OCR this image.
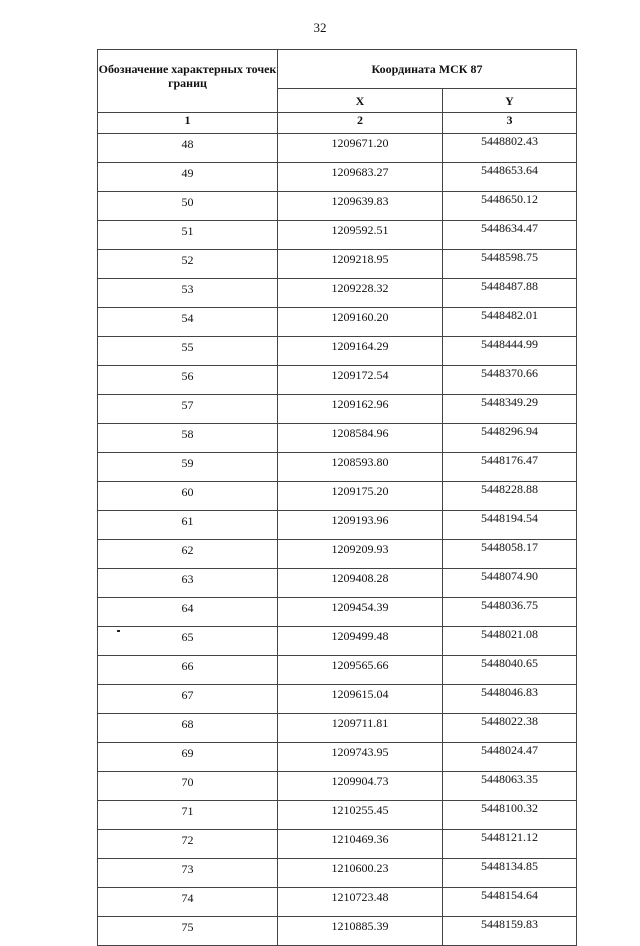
32
Обозначение характерных точек границ	Координата МСК 87	
	X	Y
1	2	3
48	1209671.20	5448802.43
49	1209683.27	5448653.64
50	1209639.83	5448650.12
51	1209592.51	5448634.47
52	1209218.95	5448598.75
53	1209228.32	5448487.88
54	1209160.20	5448482.01
55	1209164.29	5448444.99
56	1209172.54	5448370.66
57	1209162.96	5448349.29
58	1208584.96	5448296.94
59	1208593.80	5448176.47
60	1209175.20	5448228.88
61	1209193.96	5448194.54
62	1209209.93	5448058.17
63	1209408.28	5448074.90
64	1209454.39	5448036.75
65	1209499.48	5448021.08
66	1209565.66	5448040.65
67	1209615.04	5448046.83
68	1209711.81	5448022.38
69	1209743.95	5448024.47
70	1209904.73	5448063.35
71	1210255.45	5448100.32
72	1210469.36	5448121.12
73	1210600.23	5448134.85
74	1210723.48	5448154.64
75	1210885.39	5448159.83
